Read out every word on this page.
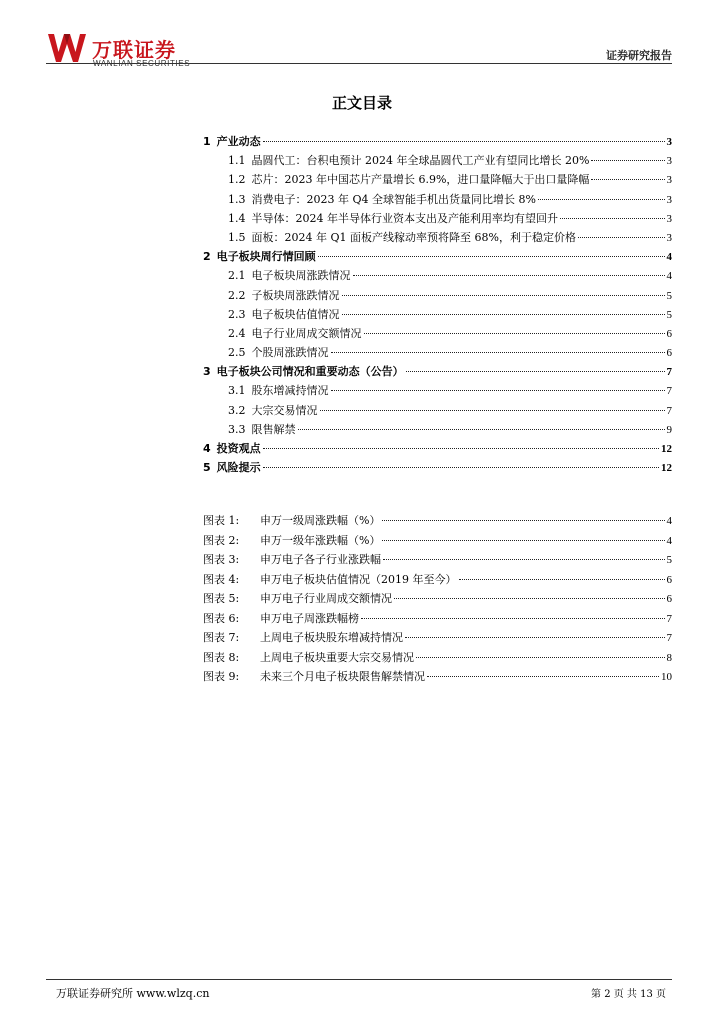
万联证券
WANLIAN SECURITIES
证券研究报告
正文目录
1 产业动态	3
1.1 晶圆代工：台积电预计 2024 年全球晶圆代工产业有望同比增长 20%	3
1.2 芯片：2023 年中国芯片产量增长 6.9%，进口量降幅大于出口量降幅	3
1.3 消费电子：2023 年 Q4 全球智能手机出货量同比增长 8%	3
1.4 半导体：2024 年半导体行业资本支出及产能利用率均有望回升	3
1.5 面板：2024 年 Q1 面板产线稼动率预将降至 68%，利于稳定价格	3
2 电子板块周行情回顾	4
2.1 电子板块周涨跌情况	4
2.2 子板块周涨跌情况	5
2.3 电子板块估值情况	5
2.4 电子行业周成交额情况	6
2.5 个股周涨跌情况	6
3 电子板块公司情况和重要动态（公告）	7
3.1 股东增减持情况	7
3.2 大宗交易情况	7
3.3 限售解禁	9
4 投资观点	12
5 风险提示	12
图表 1:	申万一级周涨跌幅（%）	4
图表 2:	申万一级年涨跌幅（%）	4
图表 3:	申万电子各子行业涨跌幅	5
图表 4:	申万电子板块估值情况（2019 年至今）	6
图表 5:	申万电子行业周成交额情况	6
图表 6:	申万电子周涨跌幅榜	7
图表 7:	上周电子板块股东增减持情况	7
图表 8:	上周电子板块重要大宗交易情况	8
图表 9:	未来三个月电子板块限售解禁情况	10
万联证券研究所 www.wlzq.cn	第 2 页 共 13 页
